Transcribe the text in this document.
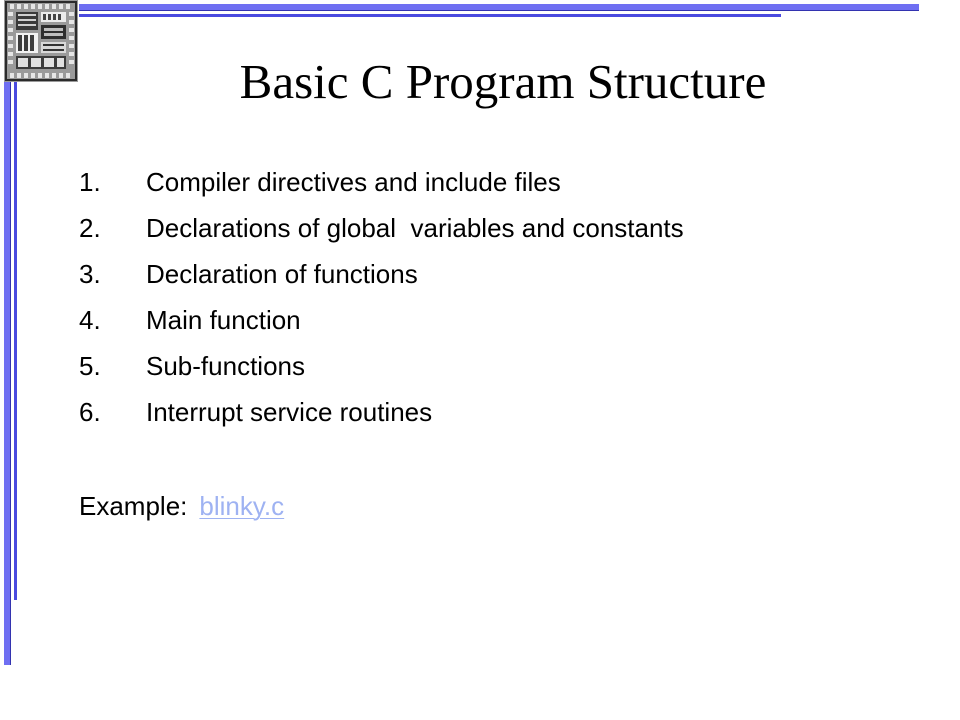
Basic C Program Structure
1. Compiler directives and include files
2. Declarations of global  variables and constants
3. Declaration of functions
4. Main function
5. Sub-functions
6. Interrupt service routines
Example: blinky.c
